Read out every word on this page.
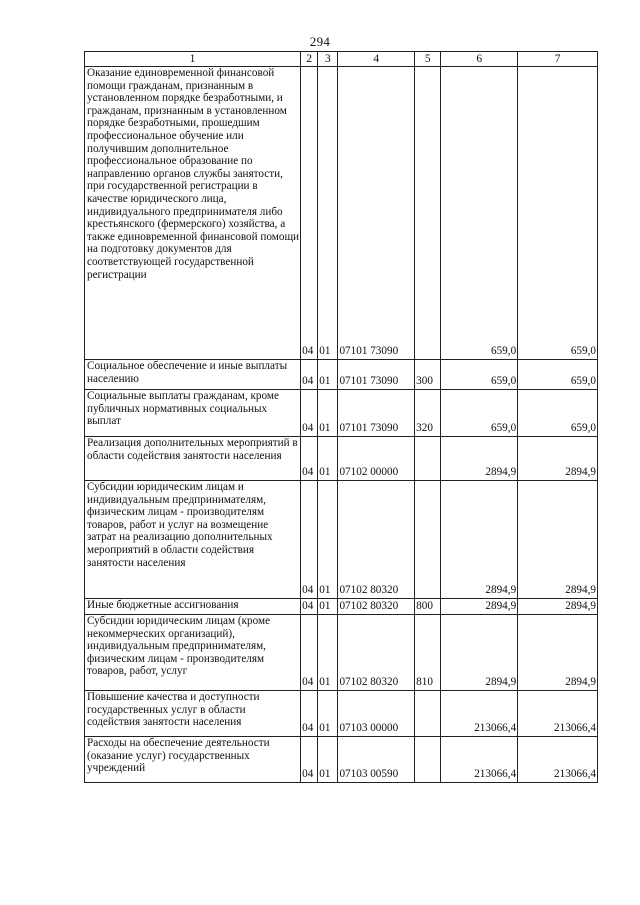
294
1	2	3	4	5	6	7
Оказание единовременной финансовой помощи гражданам, признанным в установленном порядке безработными, и гражданам, признанным в установленном порядке безработными, прошедшим профессиональное обучение или получившим дополнительное профессиональное образование по направлению органов службы занятости, при государственной регистрации в качестве юридического лица, индивидуального предпринимателя либо крестьянского (фермерского) хозяйства, а также единовременной финансовой помощи на подготовку документов для соответствующей государственной регистрации	04	01	07101 73090		659,0	659,0
Социальное обеспечение и иные выплаты населению	04	01	07101 73090	300	659,0	659,0
Социальные выплаты гражданам, кроме публичных нормативных социальных выплат	04	01	07101 73090	320	659,0	659,0
Реализация дополнительных мероприятий в области содействия занятости населения	04	01	07102 00000		2894,9	2894,9
Субсидии юридическим лицам и индивидуальным предпринимателям, физическим лицам - производителям товаров, работ и услуг на возмещение затрат на реализацию дополнительных мероприятий в области содействия занятости населения	04	01	07102 80320		2894,9	2894,9
Иные бюджетные ассигнования	04	01	07102 80320	800	2894,9	2894,9
Субсидии юридическим лицам (кроме некоммерческих организаций), индивидуальным предпринимателям, физическим лицам - производителям товаров, работ, услуг	04	01	07102 80320	810	2894,9	2894,9
Повышение качества и доступности государственных услуг в области содействия занятости населения	04	01	07103 00000		213066,4	213066,4
Расходы на обеспечение деятельности (оказание услуг) государственных учреждений	04	01	07103 00590		213066,4	213066,4
